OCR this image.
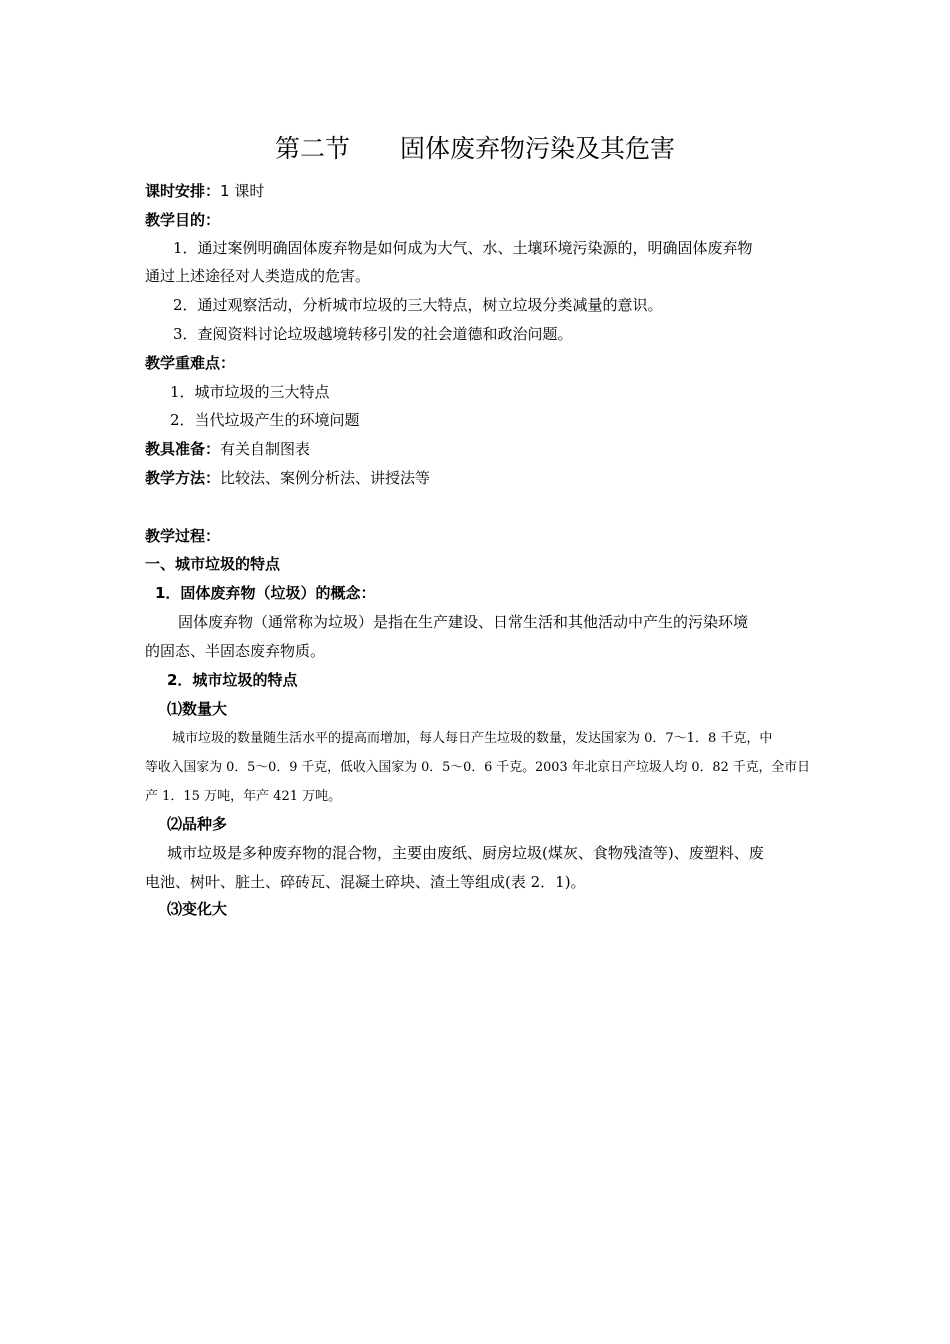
第二节　　固体废弃物污染及其危害
课时安排：1 课时
教学目的：
1．通过案例明确固体废弃物是如何成为大气、水、土壤环境污染源的，明确固体废弃物
通过上述途径对人类造成的危害。
2．通过观察活动，分析城市垃圾的三大特点，树立垃圾分类减量的意识。
3．查阅资料讨论垃圾越境转移引发的社会道德和政治问题。
教学重难点：
1．城市垃圾的三大特点
2．当代垃圾产生的环境问题
教具准备：有关自制图表
教学方法：比较法、案例分析法、讲授法等
教学过程：
一、城市垃圾的特点
1．固体废弃物（垃圾）的概念：
固体废弃物（通常称为垃圾）是指在生产建设、日常生活和其他活动中产生的污染环境
的固态、半固态废弃物质。
2．城市垃圾的特点
⑴数量大
城市垃圾的数量随生活水平的提高而增加，每人每日产生垃圾的数量，发达国家为 0．7～1．8 千克，中
等收入国家为 0．5～0．9 千克，低收入国家为 0．5～0．6 千克。2003 年北京日产垃圾人均 0．82 千克，全市日
产 1．15 万吨，年产 421 万吨。
⑵品种多
城市垃圾是多种废弃物的混合物，主要由废纸、厨房垃圾(煤灰、食物残渣等)、废塑料、废
电池、树叶、脏土、碎砖瓦、混凝土碎块、渣土等组成(表 2．1)。
⑶变化大
